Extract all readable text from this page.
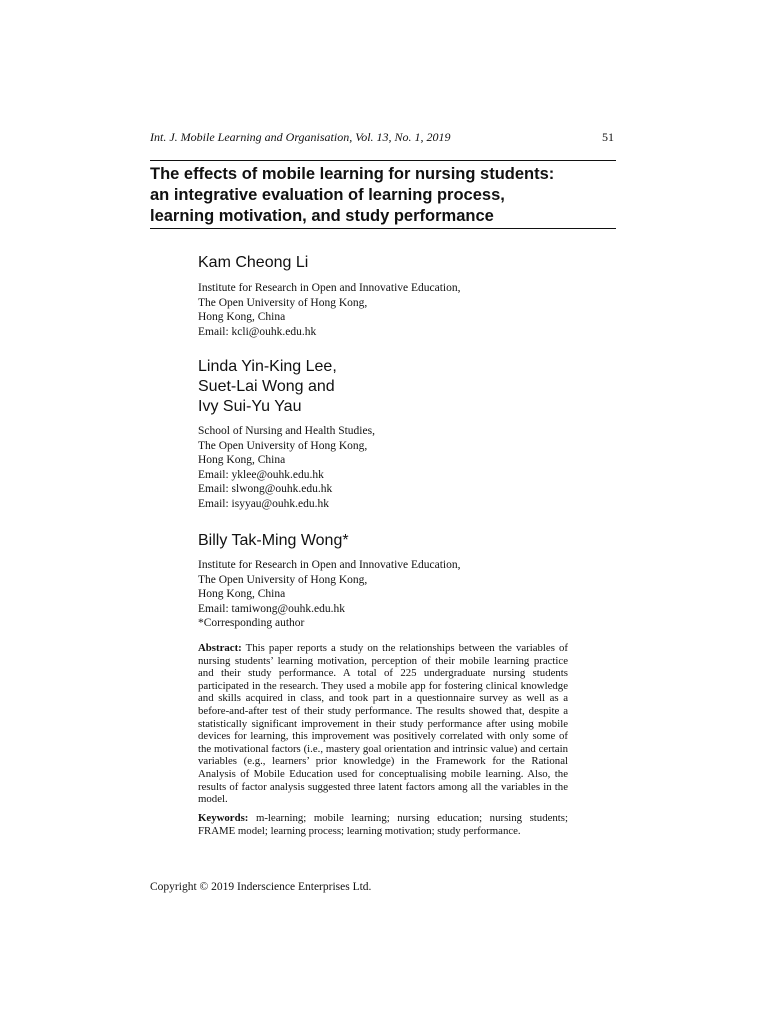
Int. J. Mobile Learning and Organisation, Vol. 13, No. 1, 2019	51
The effects of mobile learning for nursing students:
an integrative evaluation of learning process,
learning motivation, and study performance
Kam Cheong Li
Institute for Research in Open and Innovative Education,
The Open University of Hong Kong,
Hong Kong, China
Email: kcli@ouhk.edu.hk
Linda Yin-King Lee,
Suet-Lai Wong and
Ivy Sui-Yu Yau
School of Nursing and Health Studies,
The Open University of Hong Kong,
Hong Kong, China
Email: yklee@ouhk.edu.hk
Email: slwong@ouhk.edu.hk
Email: isyyau@ouhk.edu.hk
Billy Tak-Ming Wong*
Institute for Research in Open and Innovative Education,
The Open University of Hong Kong,
Hong Kong, China
Email: tamiwong@ouhk.edu.hk
*Corresponding author

Abstract: This paper reports a study on the relationships between the variables of nursing students’ learning motivation, perception of their mobile learning practice and their study performance. A total of 225 undergraduate nursing students participated in the research. They used a mobile app for fostering clinical knowledge and skills acquired in class, and took part in a questionnaire survey as well as a before-and-after test of their study performance. The results showed that, despite a statistically significant improvement in their study performance after using mobile devices for learning, this improvement was positively correlated with only some of the motivational factors (i.e., mastery goal orientation and intrinsic value) and certain variables (e.g., learners’ prior knowledge) in the Framework for the Rational Analysis of Mobile Education used for conceptualising mobile learning. Also, the results of factor analysis suggested three latent factors among all the variables in the model.

Keywords: m-learning; mobile learning; nursing education; nursing students; FRAME model; learning process; learning motivation; study performance.

Copyright © 2019 Inderscience Enterprises Ltd.
